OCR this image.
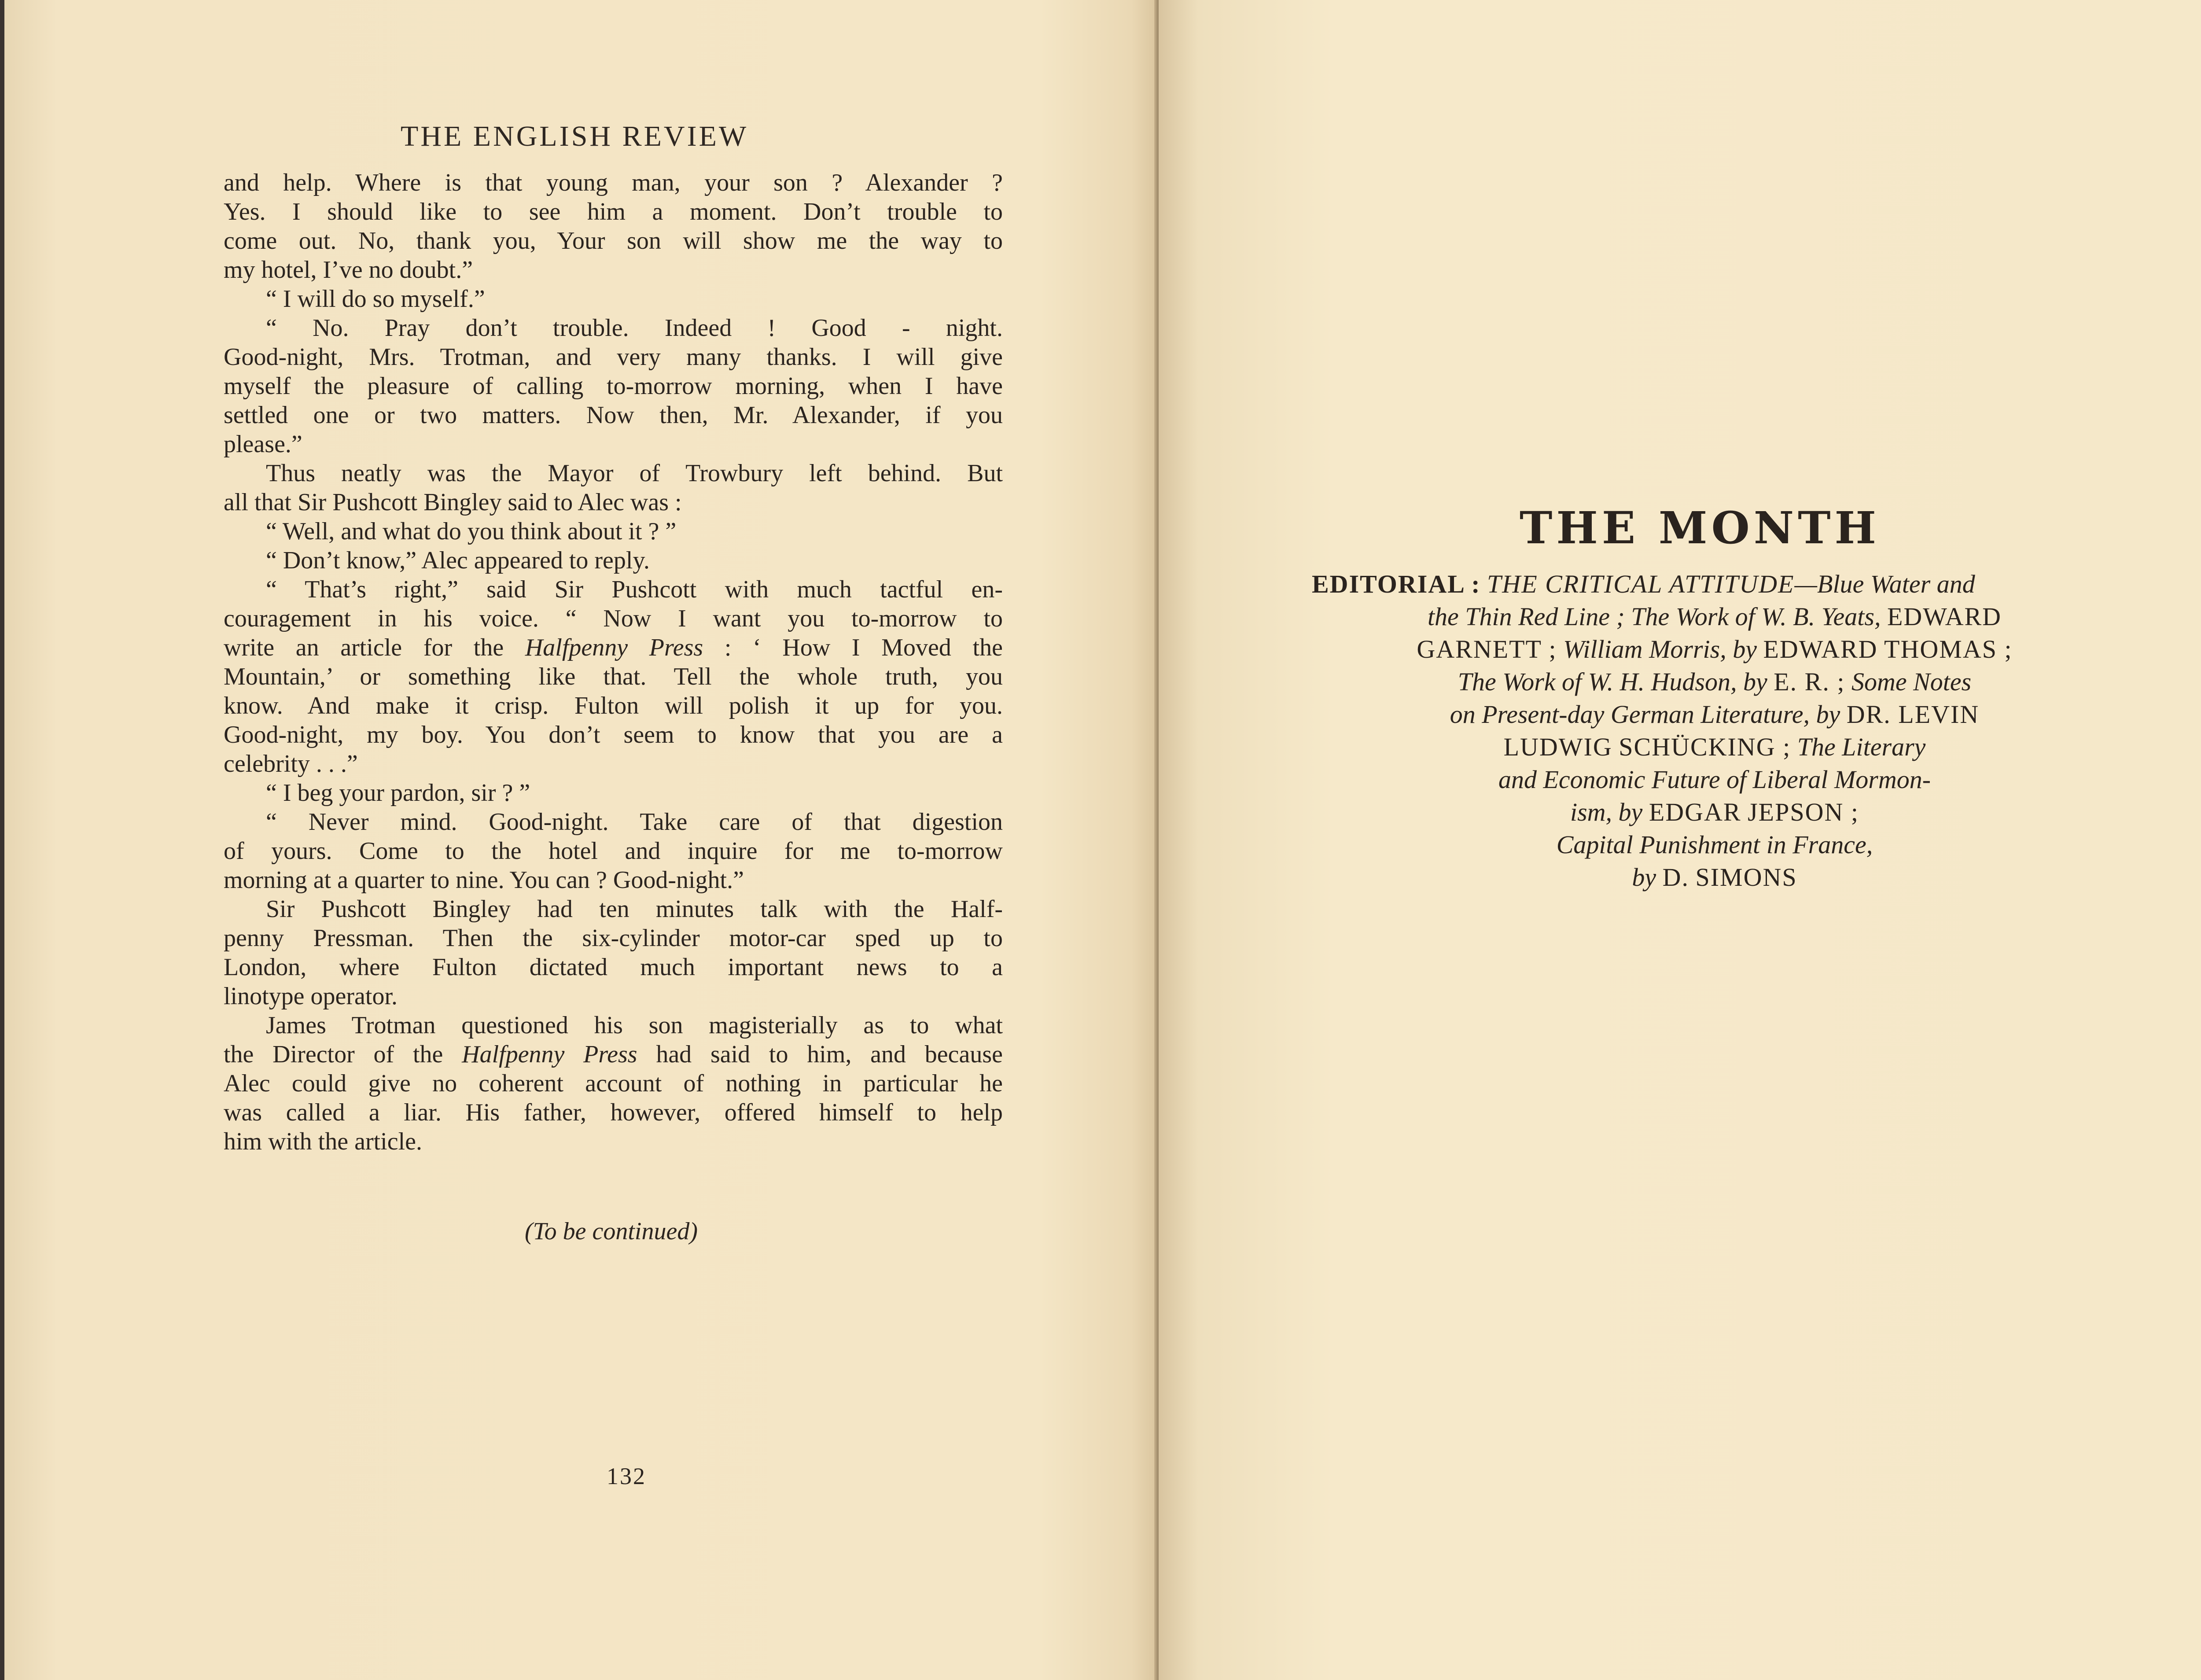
THE ENGLISH REVIEW
and help. Where is that young man, your son ? Alexander ?
Yes. I should like to see him a moment. Don’t trouble to
come out. No, thank you, Your son will show me the way to
my hotel, I’ve no doubt.”
“ I will do so myself.”
“ No. Pray don’t trouble. Indeed ! Good - night.
Good-night, Mrs. Trotman, and very many thanks. I will give
myself the pleasure of calling to-morrow morning, when I have
settled one or two matters. Now then, Mr. Alexander, if you
please.”
Thus neatly was the Mayor of Trowbury left behind. But
all that Sir Pushcott Bingley said to Alec was :
“ Well, and what do you think about it ? ”
“ Don’t know,” Alec appeared to reply.
“ That’s right,” said Sir Pushcott with much tactful en-
couragement in his voice. “ Now I want you to-morrow to
write an article for the Halfpenny Press : ‘ How I Moved the
Mountain,’ or something like that. Tell the whole truth, you
know. And make it crisp. Fulton will polish it up for you.
Good-night, my boy. You don’t seem to know that you are a
celebrity . . .”
“ I beg your pardon, sir ? ”
“ Never mind. Good-night. Take care of that digestion
of yours. Come to the hotel and inquire for me to-morrow
morning at a quarter to nine. You can ? Good-night.”
Sir Pushcott Bingley had ten minutes talk with the Half-
penny Pressman. Then the six-cylinder motor-car sped up to
London, where Fulton dictated much important news to a
linotype operator.
James Trotman questioned his son magisterially as to what
the Director of the Halfpenny Press had said to him, and because
Alec could give no coherent account of nothing in particular he
was called a liar. His father, however, offered himself to help
him with the article.
(To be continued)
132
THE MONTH
EDITORIAL : THE CRITICAL ATTITUDE—Blue Water and
the Thin Red Line ; The Work of W. B. Yeats, EDWARD
GARNETT ; William Morris, by EDWARD THOMAS ;
The Work of W. H. Hudson, by E. R. ; Some Notes
on Present-day German Literature, by DR. LEVIN
LUDWIG SCHÜCKING ; The Literary
and Economic Future of Liberal Mormon-
ism, by EDGAR JEPSON ;
Capital Punishment in France,
by D. SIMONS
